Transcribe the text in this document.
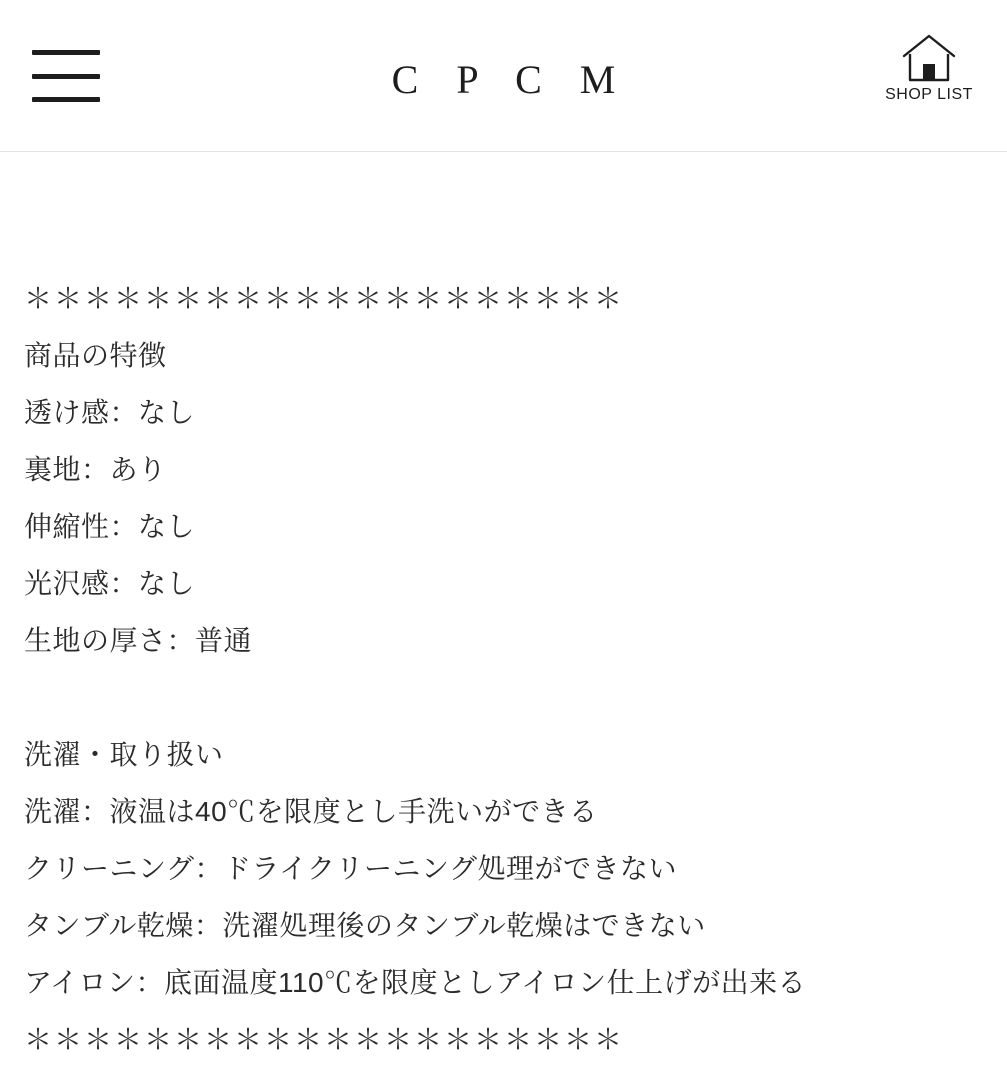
C P C M	SHOP LIST
＊＊＊＊＊＊＊＊＊＊＊＊＊＊＊＊＊＊＊＊
商品の特徴
透け感：なし
裏地：あり
伸縮性：なし
光沢感：なし
生地の厚さ：普通
洗濯・取り扱い
洗濯：液温は40℃を限度とし手洗いができる
クリーニング：ドライクリーニング処理ができない
タンブル乾燥：洗濯処理後のタンブル乾燥はできない
アイロン：底面温度110℃を限度としアイロン仕上げが出来る
＊＊＊＊＊＊＊＊＊＊＊＊＊＊＊＊＊＊＊＊
